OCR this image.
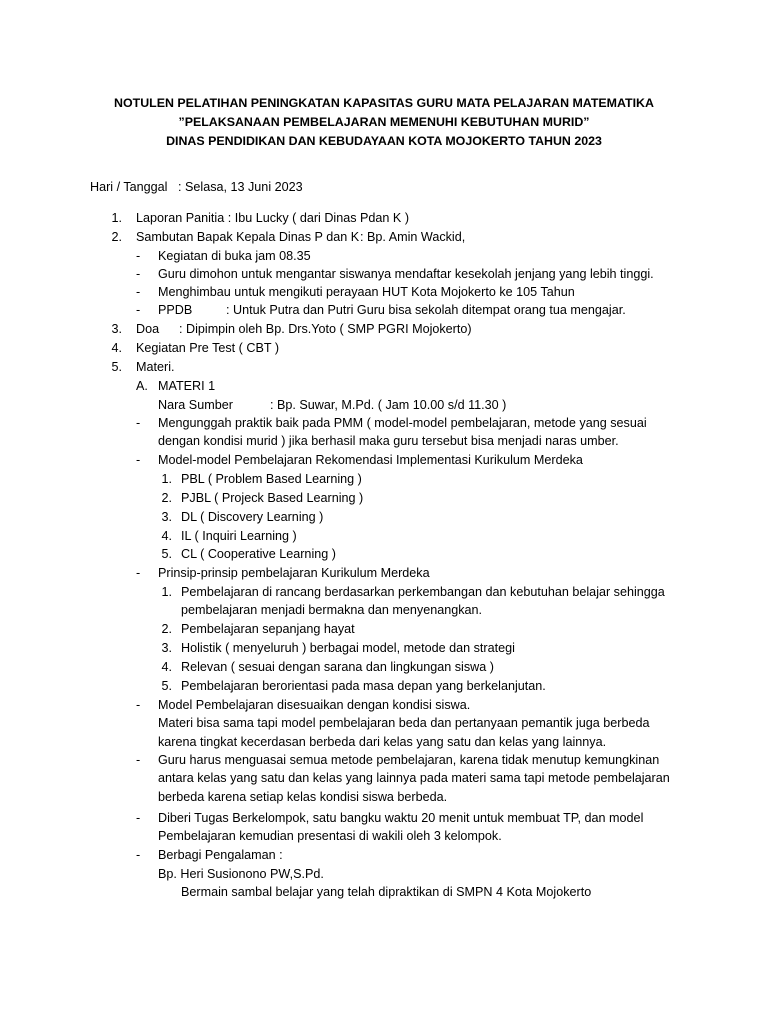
NOTULEN PELATIHAN PENINGKATAN KAPASITAS GURU MATA PELAJARAN MATEMATIKA
”PELAKSANAAN PEMBELAJARAN MEMENUHI KEBUTUHAN MURID”
DINAS PENDIDIKAN DAN KEBUDAYAAN KOTA MOJOKERTO TAHUN 2023
Hari / Tanggal : Selasa, 13 Juni 2023
1. Laporan Panitia : Ibu Lucky ( dari Dinas Pdan K )
2. Sambutan Bapak Kepala Dinas P dan K : Bp. Amin Wackid,
- Kegiatan di buka jam 08.35
- Guru dimohon untuk mengantar siswanya mendaftar kesekolah jenjang yang lebih tinggi.
- Menghimbau untuk mengikuti perayaan HUT Kota Mojokerto ke 105 Tahun
- PPDB	: Untuk Putra dan Putri Guru bisa sekolah ditempat orang tua mengajar.
3. Doa : Dipimpin oleh Bp. Drs.Yoto ( SMP PGRI Mojokerto)
4. Kegiatan Pre Test ( CBT )
5. Materi.
A. MATERI 1
Nara Sumber	: Bp. Suwar, M.Pd. ( Jam 10.00 s/d 11.30 )
- Mengunggah praktik baik pada PMM ( model-model pembelajaran, metode yang sesuai
dengan kondisi murid ) jika berhasil maka guru tersebut bisa menjadi naras umber.
- Model-model Pembelajaran Rekomendasi Implementasi Kurikulum Merdeka
1. PBL ( Problem Based Learning )
2. PJBL ( Projeck Based Learning )
3. DL ( Discovery Learning )
4. IL ( Inquiri Learning )
5. CL ( Cooperative Learning )
- Prinsip-prinsip pembelajaran Kurikulum Merdeka
1. Pembelajaran di rancang berdasarkan perkembangan dan kebutuhan belajar sehingga
pembelajaran menjadi bermakna dan menyenangkan.
2. Pembelajaran sepanjang hayat
3. Holistik ( menyeluruh ) berbagai model, metode dan strategi
4. Relevan ( sesuai dengan sarana dan lingkungan siswa )
5. Pembelajaran berorientasi pada masa depan yang berkelanjutan.
- Model Pembelajaran disesuaikan dengan kondisi siswa.
Materi bisa sama tapi model pembelajaran beda dan pertanyaan pemantik juga berbeda
karena tingkat kecerdasan berbeda dari kelas yang satu dan kelas yang lainnya.
- Guru harus menguasai semua metode pembelajaran, karena tidak menutup kemungkinan
antara kelas yang satu dan kelas yang lainnya pada materi sama tapi metode pembelajaran
berbeda karena setiap kelas kondisi siswa berbeda.
- Diberi Tugas Berkelompok, satu bangku waktu 20 menit untuk membuat TP, dan model
Pembelajaran kemudian presentasi di wakili oleh 3 kelompok.
- Berbagi Pengalaman :
Bp. Heri Susionono PW,S.Pd.
Bermain sambal belajar yang telah dipraktikan di SMPN 4 Kota Mojokerto
